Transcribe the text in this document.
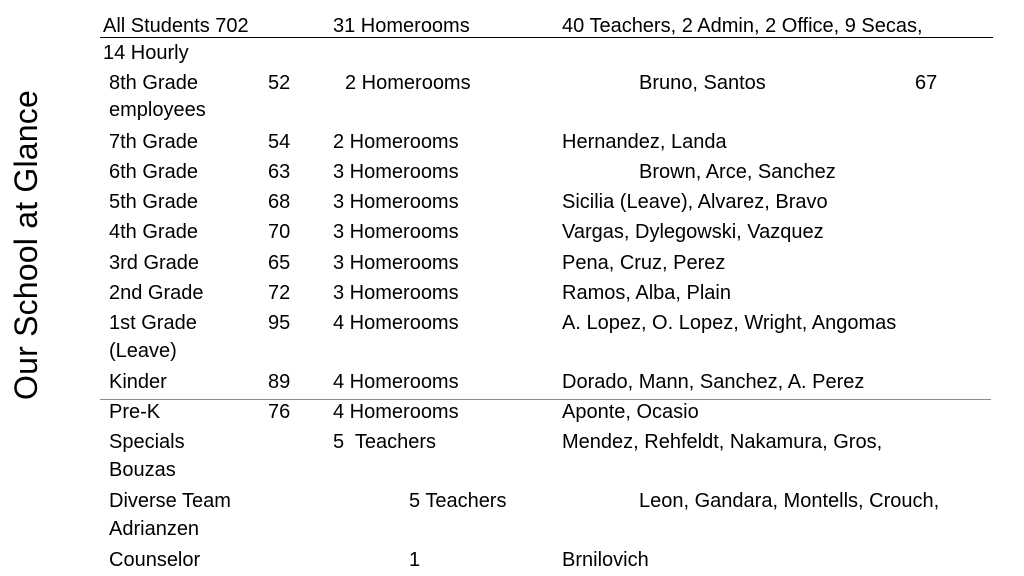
Our School at Glance
All Students 702	31 Homerooms	40 Teachers, 2 Admin, 2 Office, 9 Secas,
14 Hourly
8th Grade	52	2 Homerooms	Bruno, Santos	67
employees
7th Grade	54 2 Homerooms	Hernandez, Landa
6th Grade	63 3 Homerooms	Brown, Arce, Sanchez
5th Grade	68 3 Homerooms	Sicilia (Leave), Alvarez, Bravo
4th Grade	70 3 Homerooms	Vargas, Dylegowski, Vazquez
3rd Grade	65 3 Homerooms	Pena, Cruz, Perez
2nd Grade	72 3 Homerooms	Ramos, Alba, Plain
1st Grade	95 4 Homerooms	A. Lopez, O. Lopez, Wright, Angomas
(Leave)
Kinder	89 4 Homerooms	Dorado, Mann, Sanchez, A. Perez
Pre-K	76 4 Homerooms	Aponte, Ocasio
Specials	5  Teachers	Mendez, Rehfeldt, Nakamura, Gros,
Bouzas
Diverse Team	5 Teachers	Leon, Gandara, Montells, Crouch,
Adrianzen
Counselor	1	Brnilovich
